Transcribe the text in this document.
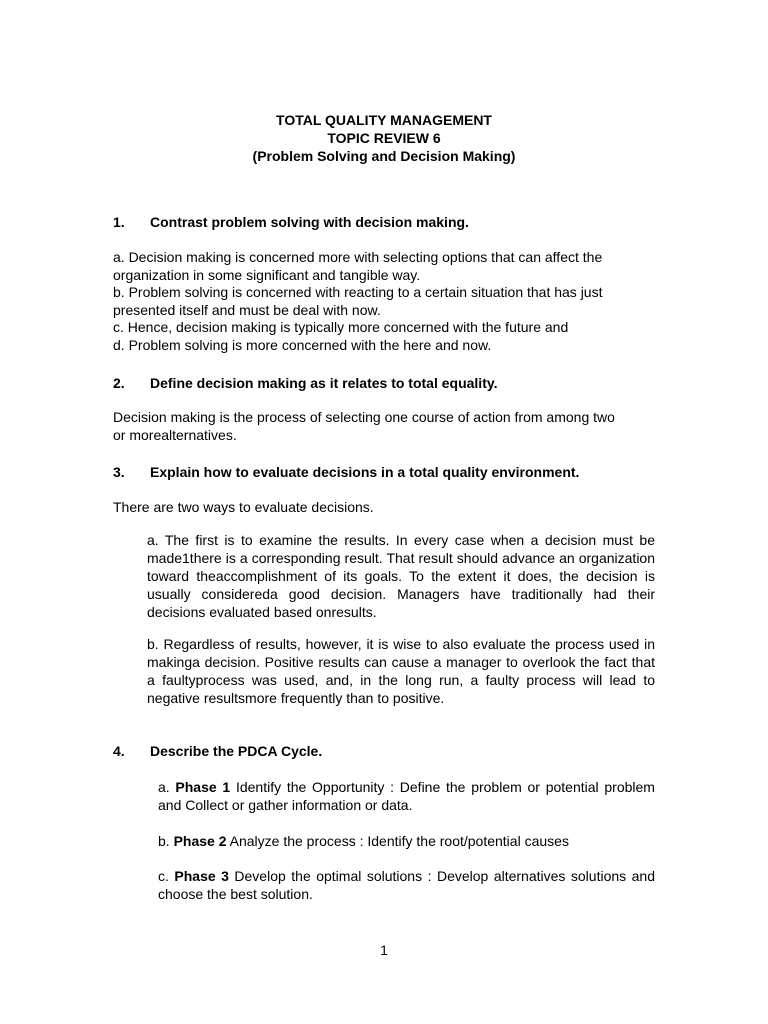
TOTAL QUALITY MANAGEMENT
TOPIC REVIEW 6
(Problem Solving and Decision Making)
1. Contrast problem solving with decision making.

a. Decision making is concerned more with selecting options that can affect the organization in some significant and tangible way.

b. Problem solving is concerned with reacting to a certain situation that has just presented itself and must be deal with now.

c. Hence, decision making is typically more concerned with the future and

d. Problem solving is more concerned with the here and now.

2. Define decision making as it relates to total equality.

Decision making is the process of selecting one course of action from among two or morealternatives.

3. Explain how to evaluate decisions in a total quality environment.

There are two ways to evaluate decisions.

a. The first is to examine the results. In every case when a decision must be made1there is a corresponding result. That result should advance an organization toward theaccomplishment of its goals. To the extent it does, the decision is usually considereda good decision. Managers have traditionally had their decisions evaluated based onresults.

b. Regardless of results, however, it is wise to also evaluate the process used in makinga decision. Positive results can cause a manager to overlook the fact that a faultyprocess was used, and, in the long run, a faulty process will lead to negative resultsmore frequently than to positive.

4. Describe the PDCA Cycle.

a. Phase 1 Identify the Opportunity : Define the problem or potential problem and Collect or gather information or data.

b. Phase 2 Analyze the process : Identify the root/potential causes

c. Phase 3 Develop the optimal solutions : Develop alternatives solutions and choose the best solution.

1
